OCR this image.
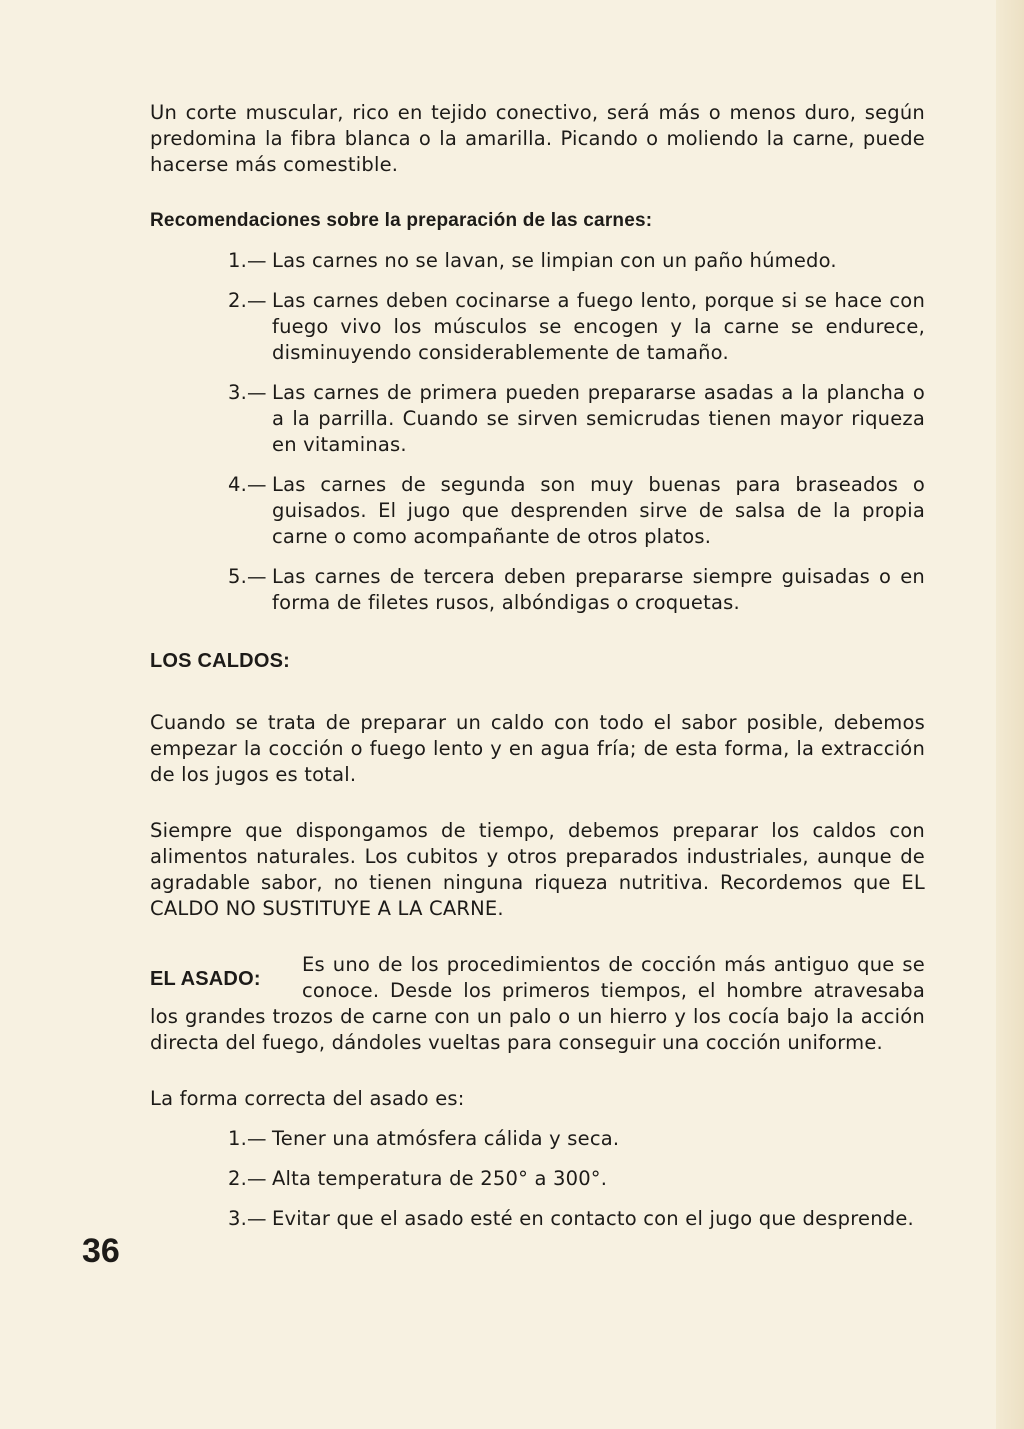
Un corte muscular, rico en tejido conectivo, será más o menos duro, según predomina la fibra blanca o la amarilla. Picando o moliendo la carne, puede hacerse más comestible.

Recomendaciones sobre la preparación de las carnes:

1.— Las carnes no se lavan, se limpian con un paño húmedo.
2.— Las carnes deben cocinarse a fuego lento, porque si se hace con fuego vivo los músculos se encogen y la carne se endurece, disminuyendo considerablemente de tamaño.
3.— Las carnes de primera pueden prepararse asadas a la plancha o a la parrilla. Cuando se sirven semicrudas tienen mayor riqueza en vitaminas.
4.— Las carnes de segunda son muy buenas para braseados o guisados. El jugo que desprenden sirve de salsa de la propia carne o como acompañante de otros platos.
5.— Las carnes de tercera deben prepararse siempre guisadas o en forma de filetes rusos, albóndigas o croquetas.

LOS CALDOS:

Cuando se trata de preparar un caldo con todo el sabor posible, debemos empezar la cocción o fuego lento y en agua fría; de esta forma, la extracción de los jugos es total.

Siempre que dispongamos de tiempo, debemos preparar los caldos con alimentos naturales. Los cubitos y otros preparados industriales, aunque de agradable sabor, no tienen ninguna riqueza nutritiva. Recordemos que EL CALDO NO SUSTITUYE A LA CARNE.

EL ASADO:

Es uno de los procedimientos de cocción más antiguo que se conoce. Desde los primeros tiempos, el hombre atravesaba los grandes trozos de carne con un palo o un hierro y los cocía bajo la acción directa del fuego, dándoles vueltas para conseguir una cocción uniforme.

La forma correcta del asado es:

1.— Tener una atmósfera cálida y seca.
2.— Alta temperatura de 250° a 300°.
3.— Evitar que el asado esté en contacto con el jugo que desprende.
36
